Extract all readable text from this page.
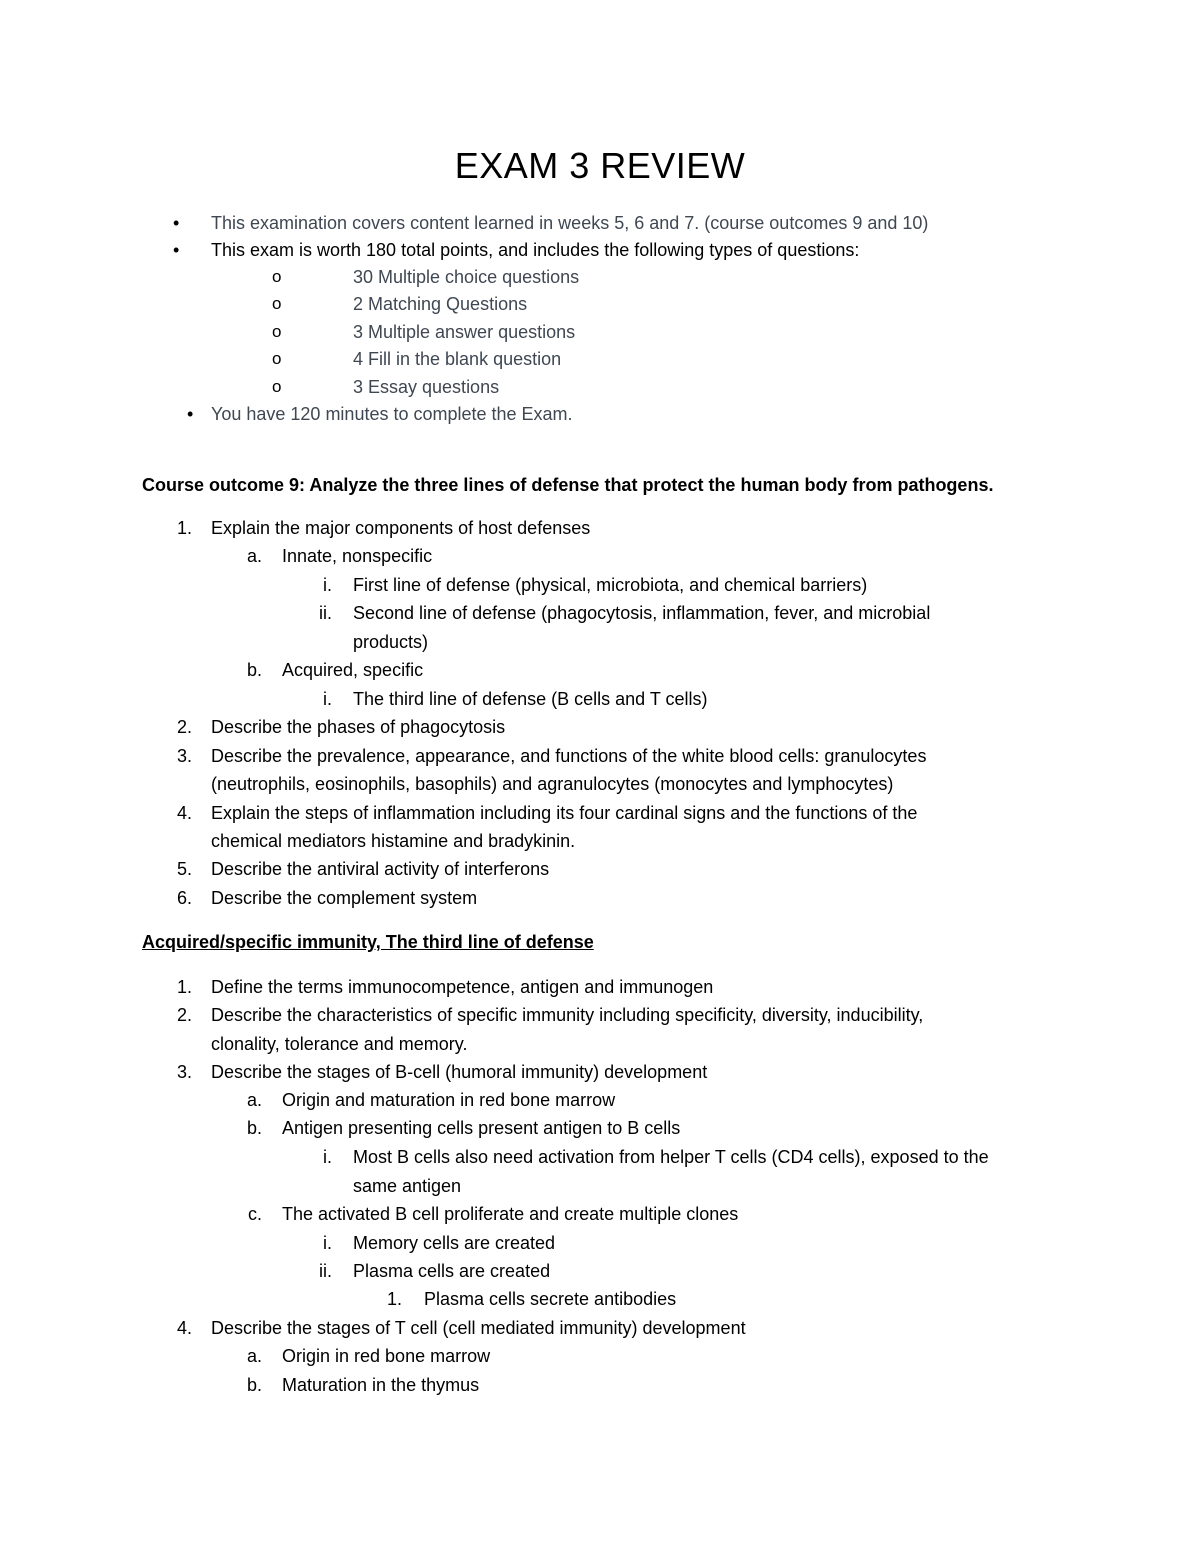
EXAM 3 REVIEW
• This examination covers content learned in weeks 5, 6 and 7. (course outcomes 9 and 10)
• This exam is worth 180 total points, and includes the following types of questions:
o	30 Multiple choice questions
o	2 Matching Questions
o	3 Multiple answer questions
o	4 Fill in the blank question
o	3 Essay questions
• You have 120 minutes to complete the Exam.
Course outcome 9: Analyze the three lines of defense that protect the human body from pathogens.
1. Explain the major components of host defenses
a. Innate, nonspecific
i. First line of defense (physical, microbiota, and chemical barriers)
ii. Second line of defense (phagocytosis, inflammation, fever, and microbial
products)
b. Acquired, specific
i. The third line of defense (B cells and T cells)
2. Describe the phases of phagocytosis
3. Describe the prevalence, appearance, and functions of the white blood cells: granulocytes
(neutrophils, eosinophils, basophils) and agranulocytes (monocytes and lymphocytes)
4. Explain the steps of inflammation including its four cardinal signs and the functions of the
chemical mediators histamine and bradykinin.
5. Describe the antiviral activity of interferons
6. Describe the complement system
Acquired/specific immunity, The third line of defense
1. Define the terms immunocompetence, antigen and immunogen
2. Describe the characteristics of specific immunity including specificity, diversity, inducibility,
clonality, tolerance and memory.
3. Describe the stages of B-cell (humoral immunity) development
a. Origin and maturation in red bone marrow
b. Antigen presenting cells present antigen to B cells
i. Most B cells also need activation from helper T cells (CD4 cells), exposed to the
same antigen
c. The activated B cell proliferate and create multiple clones
i. Memory cells are created
ii. Plasma cells are created
1. Plasma cells secrete antibodies
4. Describe the stages of T cell (cell mediated immunity) development
a. Origin in red bone marrow
b. Maturation in the thymus
